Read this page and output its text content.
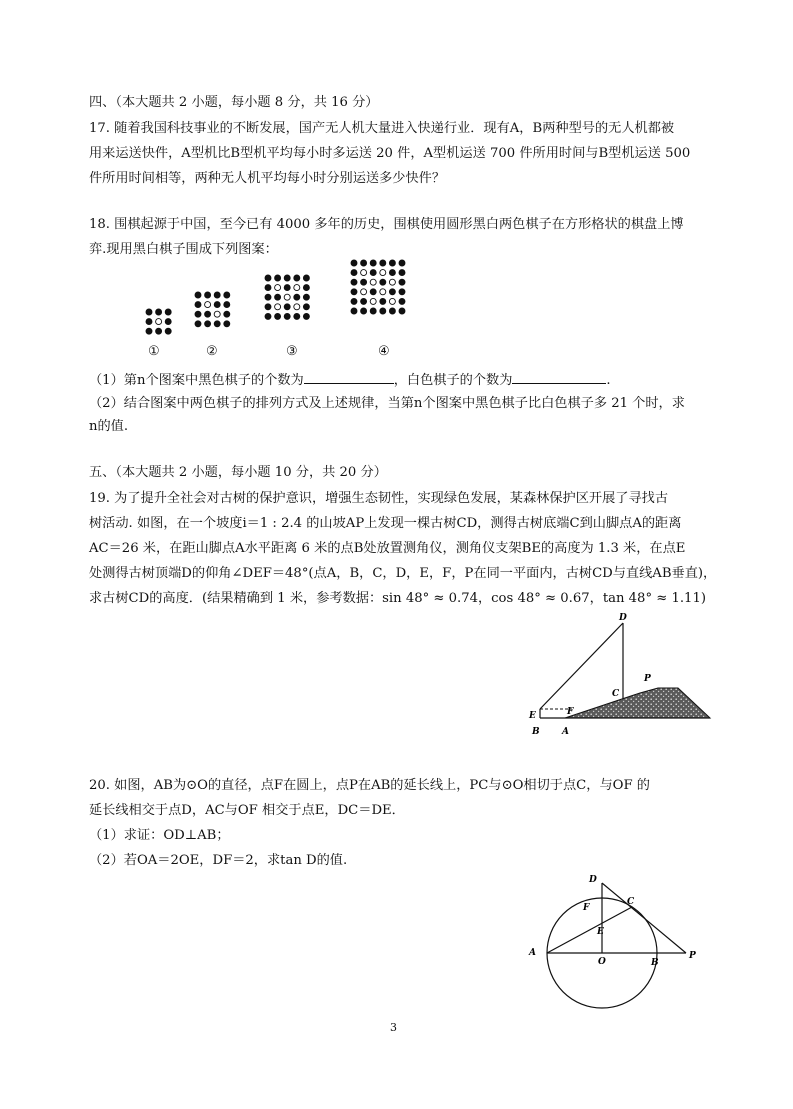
四、（本大题共 2 小题，每小题 8 分，共 16 分）
17. 随着我国科技事业的不断发展，国产无人机大量进入快递行业．现有A，B两种型号的无人机都被
用来运送快件，A型机比B型机平均每小时多运送 20 件，A型机运送 700 件所用时间与B型机运送 500
件所用时间相等，两种无人机平均每小时分别运送多少快件？
18. 围棋起源于中国，至今已有 4000 多年的历史，围棋使用圆形黑白两色棋子在方形格状的棋盘上博
弈.现用黑白棋子围成下列图案：
①	②	③	④
（1）第n个图案中黑色棋子的个数为	，白色棋子的个数为	.
（2）结合图案中两色棋子的排列方式及上述规律，当第n个图案中黑色棋子比白色棋子多 21 个时，求
n的值.
五、（本大题共 2 小题，每小题 10 分，共 20 分）
19. 为了提升全社会对古树的保护意识，增强生态韧性，实现绿色发展，某森林保护区开展了寻找古
树活动. 如图，在一个坡度i＝1 : 2.4 的山坡AP上发现一棵古树CD，测得古树底端C到山脚点A的距离
AC＝26 米，在距山脚点A水平距离 6 米的点B处放置测角仪，测角仪支架BE的高度为 1.3 米，在点E
处测得古树顶端D的仰角∠DEF＝48°(点A，B，C，D，E，F，P在同一平面内，古树CD与直线AB垂直)，
求古树CD的高度．(结果精确到 1 米，参考数据：sin 48° ≈ 0.74，cos 48° ≈ 0.67，tan 48° ≈ 1.11)
D
P
C
E	F
B A
20. 如图，AB为⊙O的直径，点F在圆上，点P在AB的延长线上，PC与⊙O相切于点C，与OF 的
延长线相交于点D，AC与OF 相交于点E，DC＝DE．
（1）求证：OD⊥AB；
（2）若OA＝2OE，DF＝2，求tan D的值.
D
C
F
E
A
O	B
P
3
